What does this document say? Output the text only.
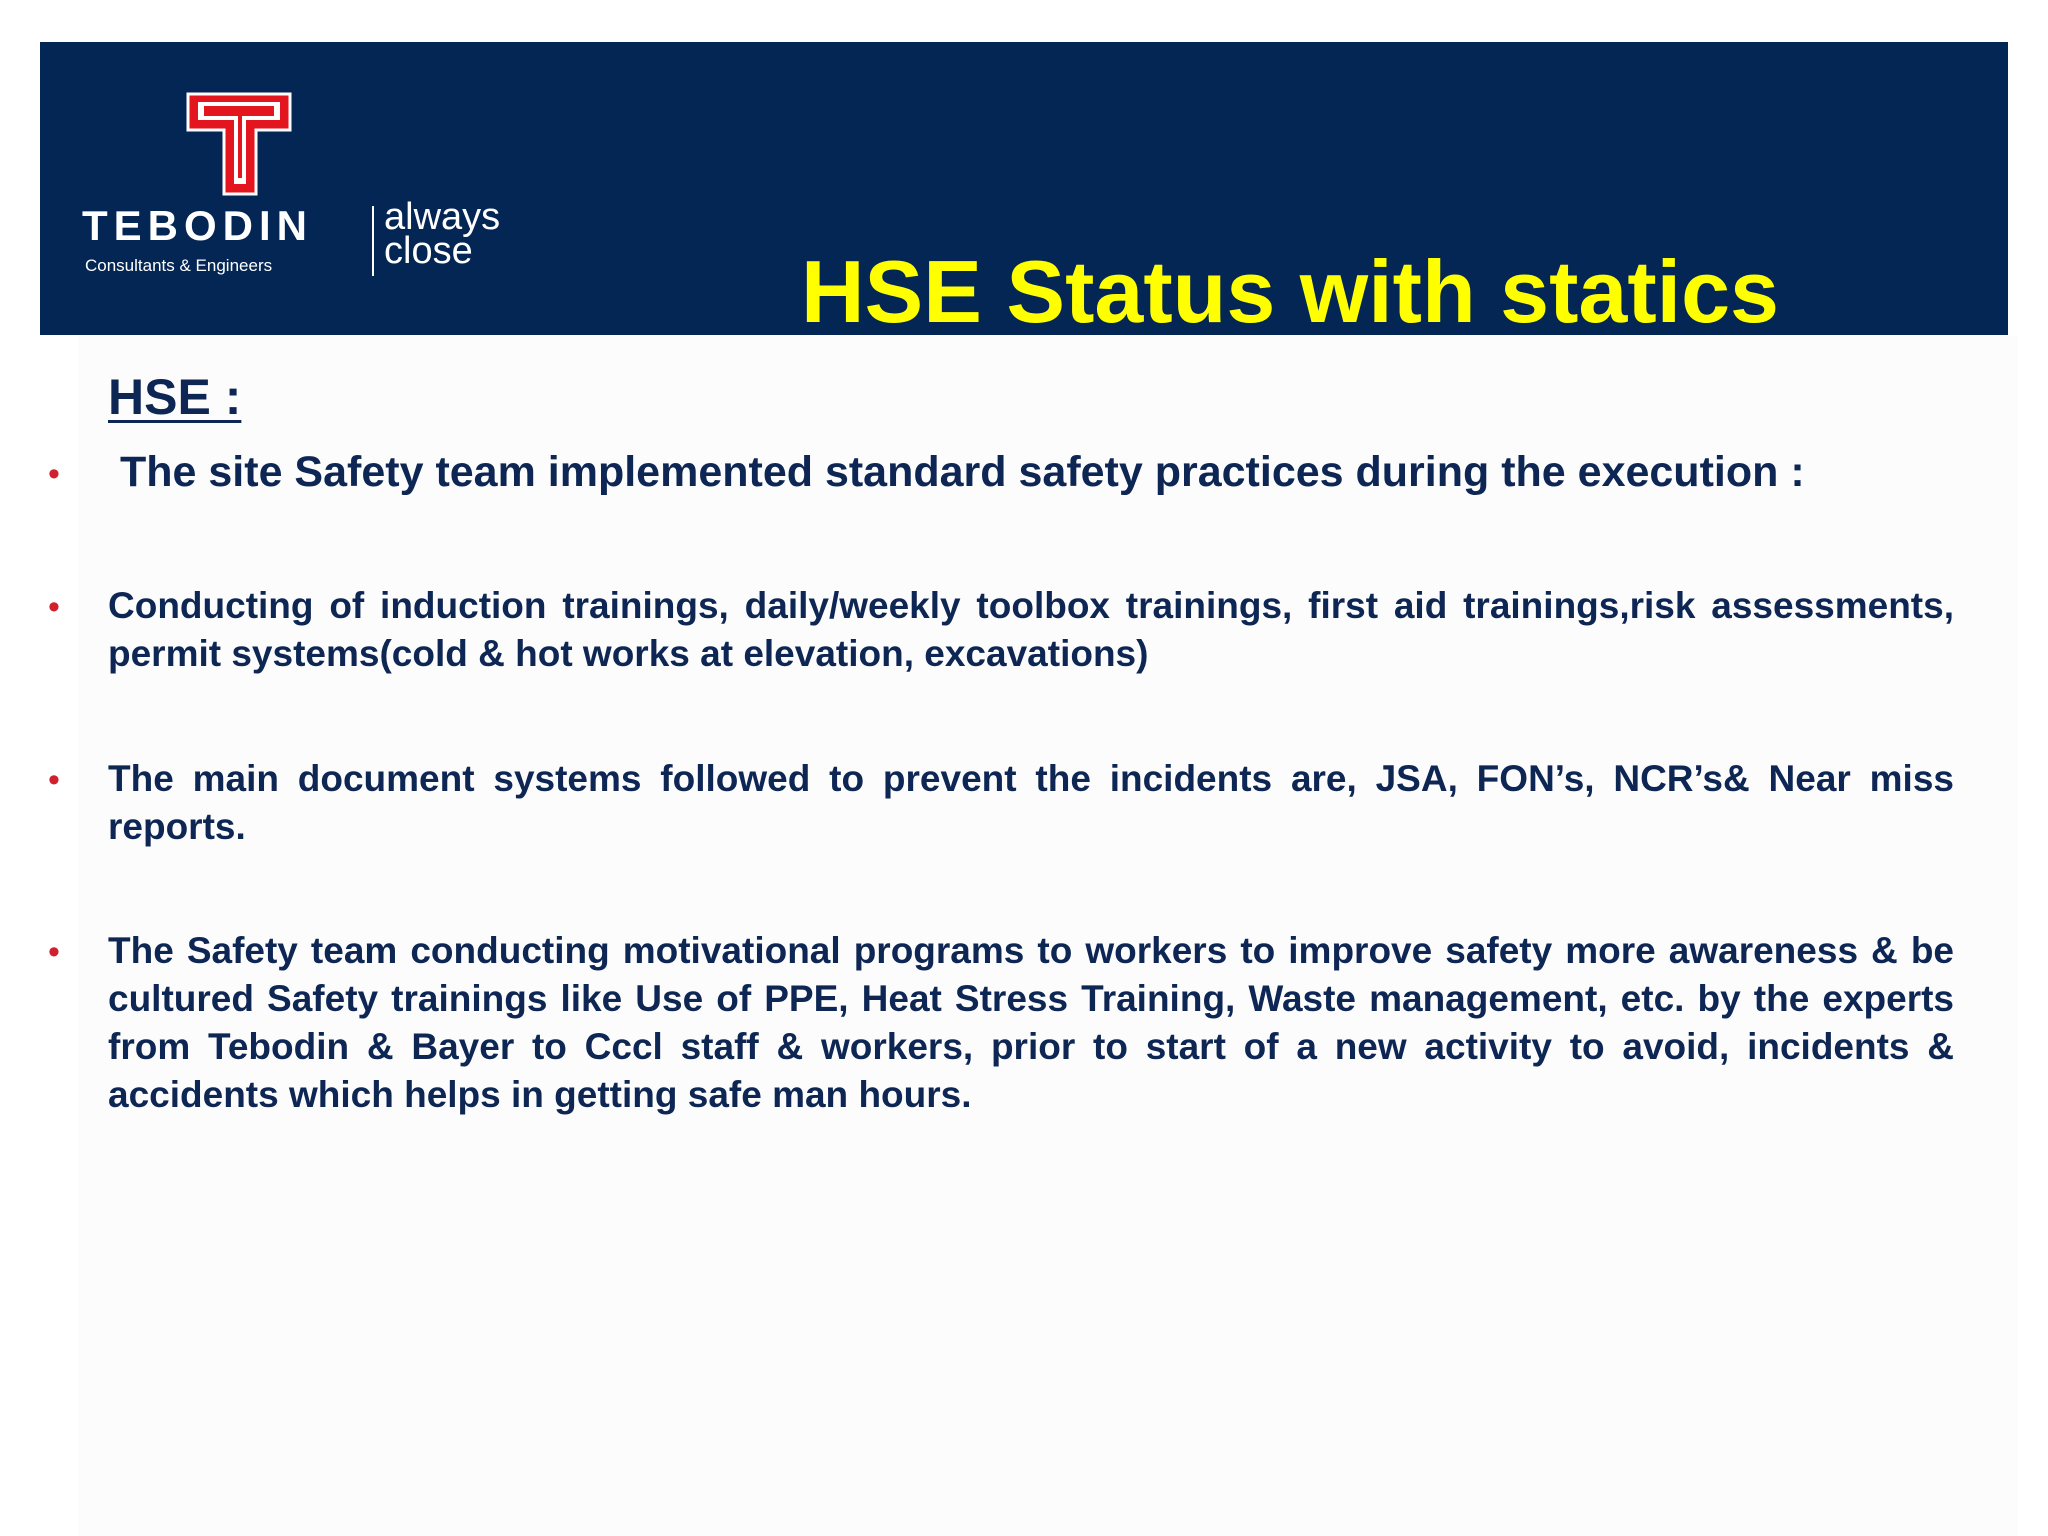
TEBODIN
Consultants & Engineers
always
close	HSE Status with statics
HSE :
• The site Safety team implemented standard safety practices during the execution :

• Conducting of induction trainings, daily/weekly toolbox trainings, first aid trainings,risk assessments, permit systems(cold & hot works at elevation, excavations)

• The main document systems followed to prevent the incidents are, JSA, FON’s, NCR’s& Near miss reports.

• The Safety team conducting motivational programs to workers to improve safety more awareness & be cultured Safety trainings like Use of PPE, Heat Stress Training, Waste management, etc. by the experts from Tebodin & Bayer to Cccl staff & workers, prior to start of a new activity to avoid, incidents & accidents which helps in getting safe man hours.
